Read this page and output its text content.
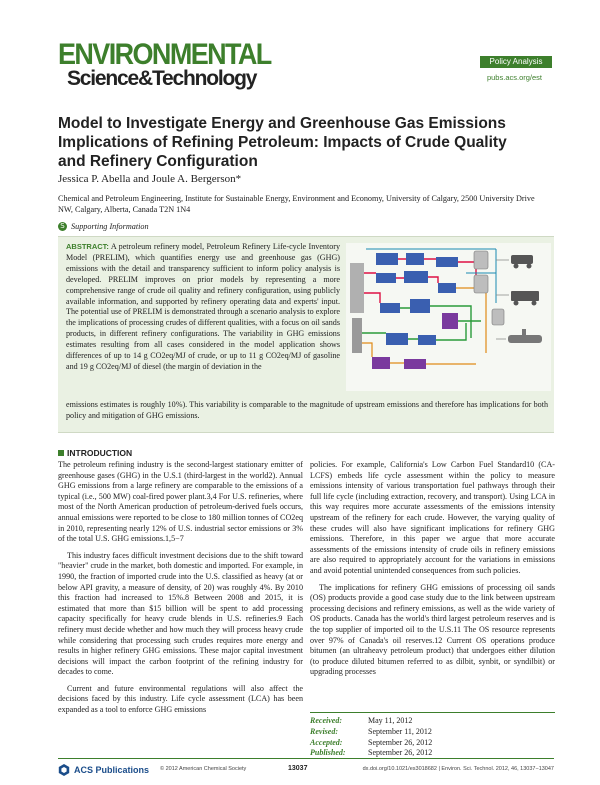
ENVIRONMENTAL
Science&Technology
Policy Analysis
pubs.acs.org/est
Model to Investigate Energy and Greenhouse Gas Emissions Implications of Refining Petroleum: Impacts of Crude Quality and Refinery Configuration
Jessica P. Abella and Joule A. Bergerson*
Chemical and Petroleum Engineering, Institute for Sustainable Energy, Environment and Economy, University of Calgary, 2500 University Drive NW, Calgary, Alberta, Canada T2N 1N4
S Supporting Information
ABSTRACT: A petroleum refinery model, Petroleum Refinery Life-cycle Inventory Model (PRELIM), which quantifies energy use and greenhouse gas (GHG) emissions with the detail and transparency sufficient to inform policy analysis is developed. PRELIM improves on prior models by representing a more comprehensive range of crude oil quality and refinery configuration, using publicly available information, and supported by refinery operating data and experts' input. The potential use of PRELIM is demonstrated through a scenario analysis to explore the implications of processing crudes of different qualities, with a focus on oil sands products, in different refinery configurations. The variability in GHG emissions estimates resulting from all cases considered in the model application shows differences of up to 14 g CO2eq/MJ of crude, or up to 11 g CO2eq/MJ of gasoline and 19 g CO2eq/MJ of diesel (the margin of deviation in the
emissions estimates is roughly 10%). This variability is comparable to the magnitude of upstream emissions and therefore has implications for both policy and mitigation of GHG emissions.
INTRODUCTION

The petroleum refining industry is the second-largest stationary emitter of greenhouse gases (GHG) in the U.S.1 (third-largest in the world2). Annual GHG emissions from a large refinery are comparable to the emissions of a typical (i.e., 500 MW) coal-fired power plant.3,4 For U.S. refineries, where most of the North American production of petroleum-derived fuels occurs, annual emissions were reported to be close to 180 million tonnes of CO2eq in 2010, representing nearly 12% of U.S. industrial sector emissions or 3% of the total U.S. GHG emissions.1,5−7

This industry faces difficult investment decisions due to the shift toward "heavier" crude in the market, both domestic and imported. For example, in 1990, the fraction of imported crude into the U.S. classified as heavy (at or below API gravity, a measure of density, of 20) was roughly 4%. By 2010 this fraction had increased to 15%.8 Between 2008 and 2015, it is estimated that more than $15 billion will be spent to add processing capacity specifically for heavy crude blends in U.S. refineries.9 Each refinery must decide whether and how much they will process heavy crude while considering that processing such crudes requires more energy and results in higher refinery GHG emissions. These major capital investment decisions will impact the carbon footprint of the refining industry for decades to come.

Current and future environmental regulations will also affect the decisions faced by this industry. Life cycle assessment (LCA) has been expanded as a tool to enforce GHG emissions

policies. For example, California's Low Carbon Fuel Standard10 (CA-LCFS) embeds life cycle assessment within the policy to measure emissions intensity of various transportation fuel pathways through their full life cycle (including extraction, recovery, and transport). Using LCA in this way requires more accurate assessments of the emissions intensity upstream of the refinery for each crude. However, the varying quality of these crudes will also have significant implications for refinery GHG emissions. Therefore, in this paper we argue that more accurate assessments of the emissions intensity of crude oils in refinery emissions are also required to appropriately account for the variations in emissions and avoid potential unintended consequences from such policies.

The implications for refinery GHG emissions of processing oil sands (OS) products provide a good case study due to the link between upstream processing decisions and refinery emissions, as well as the wide variety of OS products. Canada has the world's third largest petroleum reserves and is the top supplier of imported oil to the U.S.11 The OS resource represents over 97% of Canada's oil reserves.12 Current OS operations produce bitumen (an ultraheavy petroleum product) that undergoes either dilution (to produce diluted bitumen referred to as dilbit, synbit, or syndilbit) or upgrading processes

Received:	May 11, 2012
Revised:	September 11, 2012
Accepted:	September 26, 2012
Published:	September 26, 2012
ACS Publications © 2012 American Chemical Society	13037	dx.doi.org/10.1021/es3018682 | Environ. Sci. Technol. 2012, 46, 13037−13047
